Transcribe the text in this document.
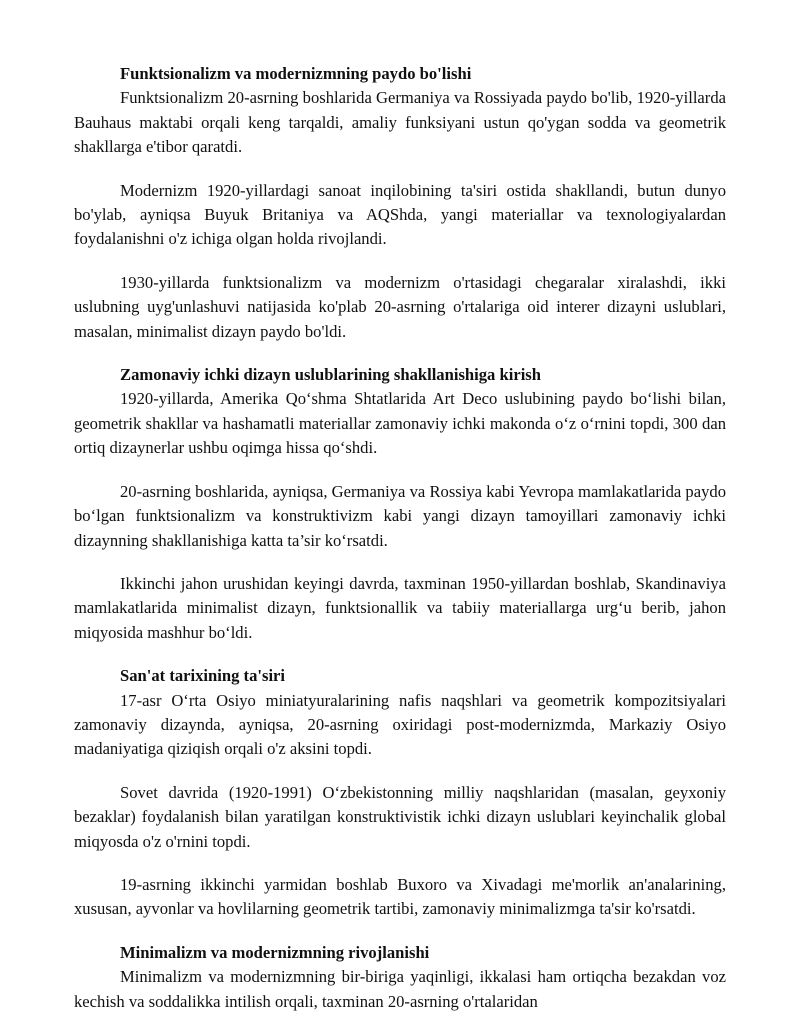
Funktsionalizm va modernizmning paydo bo'lishi

Funktsionalizm 20-asrning boshlarida Germaniya va Rossiyada paydo bo'lib, 1920-yillarda Bauhaus maktabi orqali keng tarqaldi, amaliy funksiyani ustun qo'ygan sodda va geometrik shakllarga e'tibor qaratdi.

Modernizm 1920-yillardagi sanoat inqilobining ta'siri ostida shakllandi, butun dunyo bo'ylab, ayniqsa Buyuk Britaniya va AQShda, yangi materiallar va texnologiyalardan foydalanishni o'z ichiga olgan holda rivojlandi.

1930-yillarda funktsionalizm va modernizm o'rtasidagi chegaralar xiralashdi, ikki uslubning uyg'unlashuvi natijasida ko'plab 20-asrning o'rtalariga oid interer dizayni uslublari, masalan, minimalist dizayn paydo bo'ldi.

Zamonaviy ichki dizayn uslublarining shakllanishiga kirish

1920-yillarda, Amerika Qo‘shma Shtatlarida Art Deco uslubining paydo bo‘lishi bilan, geometrik shakllar va hashamatli materiallar zamonaviy ichki makonda o‘z o‘rnini topdi, 300 dan ortiq dizaynerlar ushbu oqimga hissa qo‘shdi.

20-asrning boshlarida, ayniqsa, Germaniya va Rossiya kabi Yevropa mamlakatlarida paydo bo‘lgan funktsionalizm va konstruktivizm kabi yangi dizayn tamoyillari zamonaviy ichki dizaynning shakllanishiga katta ta’sir ko‘rsatdi.

Ikkinchi jahon urushidan keyingi davrda, taxminan 1950-yillardan boshlab, Skandinaviya mamlakatlarida minimalist dizayn, funktsionallik va tabiiy materiallarga urg‘u berib, jahon miqyosida mashhur bo‘ldi.

San'at tarixining ta'siri

17-asr O‘rta Osiyo miniatyuralarining nafis naqshlari va geometrik kompozitsiyalari zamonaviy dizaynda, ayniqsa, 20-asrning oxiridagi post-modernizmda, Markaziy Osiyo madaniyatiga qiziqish orqali o'z aksini topdi.

Sovet davrida (1920-1991) O‘zbekistonning milliy naqshlaridan (masalan, geyxoniy bezaklar) foydalanish bilan yaratilgan konstruktivistik ichki dizayn uslublari keyinchalik global miqyosda o'z o'rnini topdi.

19-asrning ikkinchi yarmidan boshlab Buxoro va Xivadagi me'morlik an'analarining, xususan, ayvonlar va hovlilarning geometrik tartibi, zamonaviy minimalizmga ta'sir ko'rsatdi.

Minimalizm va modernizmning rivojlanishi

Minimalizm va modernizmning bir-biriga yaqinligi, ikkalasi ham ortiqcha bezakdan voz kechish va soddalikka intilish orqali, taxminan 20-asrning o'rtalaridan
